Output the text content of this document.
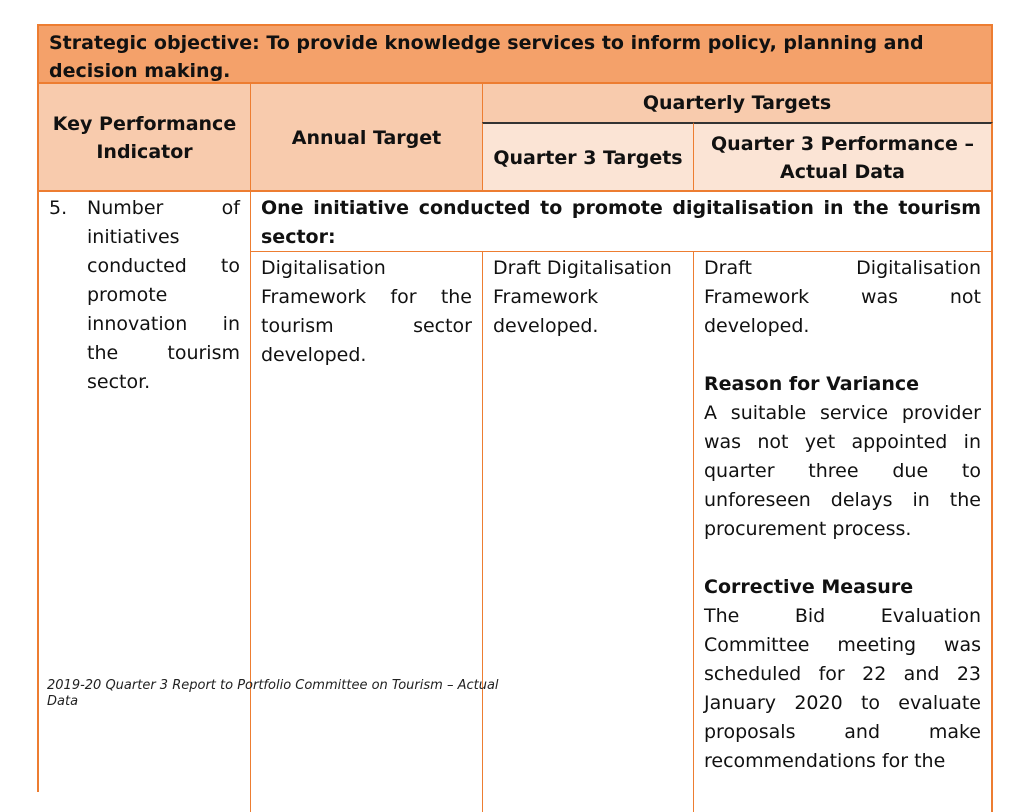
Strategic objective: To provide knowledge services to inform policy, planning and decision making.
Key Performance Indicator
Annual Target
Quarterly Targets
Quarter 3 Targets
Quarter 3 Performance – Actual Data
5.	Number of initiatives conducted to promote innovation in the tourism sector.
One initiative conducted to promote digitalisation in the tourism sector:
Digitalisation Framework for the tourism sector developed.
Draft Digitalisation Framework developed.
Draft Digitalisation Framework was not developed.
Reason for Variance
A suitable service provider was not yet appointed in quarter three due to unforeseen delays in the procurement process.
Corrective Measure
The Bid Evaluation Committee meeting was scheduled for 22 and 23 January 2020 to evaluate proposals and make recommendations for the
2019-20 Quarter 3 Report to Portfolio Committee on Tourism – Actual Data
